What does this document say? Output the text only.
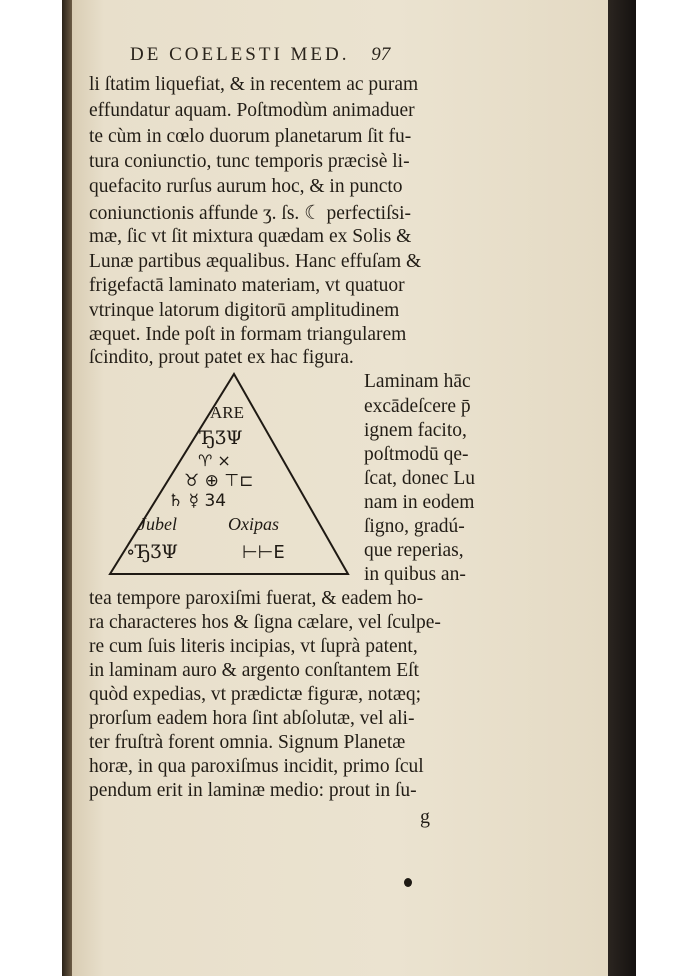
DE COELESTI MED. 97
li ſtatim liquefiat, & in recentem ac puram
effundatur aquam. Poſtmodùm animaduer
te cùm in cœlo duorum planetarum ſit fu-
tura coniunctio, tunc temporis præcisè li-
quefacito rurſus aurum hoc, & in puncto
coniunctionis affunde ʒ. ſs. ☾ perfectiſsi-
mæ, ſic vt ſit mixtura quædam ex Solis &
Lunæ partibus æqualibus. Hanc effuſam &
frigefactā laminato materiam, vt quatuor
vtrinque latorum digitorū amplitudinem
æquet. Inde poſt in formam triangularem
ſcindito, prout patet ex hac figura.
Laminam hāc
excādeſcere p̄
ignem facito,
poſtmodū qe-
ſcat, donec Lu
nam in eodem
ſigno, gradú-
que reperias,
in quibus an-
ARE
ЂƷΨ
♈ ×
♉ ⊕ ⊤⊏
♄ ☿ 34
Jubel	Oxipas
∘ЂƷΨ	⊢⊢E
tea tempore paroxiſmi fuerat, & eadem ho-
ra characteres hos & ſigna cælare, vel ſculpe-
re cum ſuis literis incipias, vt ſuprà patent,
in laminam auro & argento conſtantem Eſt
quòd expedias, vt prædictæ figuræ, notæq;
prorſum eadem hora ſint abſolutæ, vel ali-
ter fruſtrà forent omnia. Signum Planetæ
horæ, in qua paroxiſmus incidit, primo ſcul
pendum erit in laminæ medio: prout in ſu-
g
